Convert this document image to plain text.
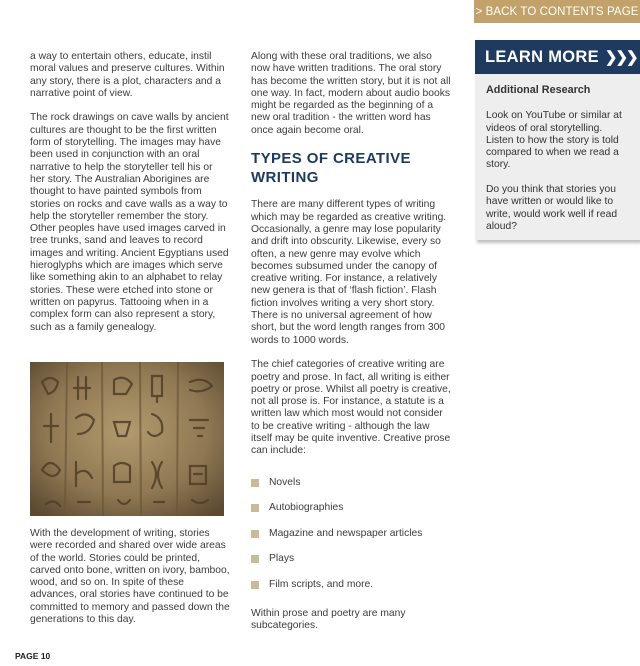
> BACK TO CONTENTS PAGE

a way to entertain others, educate, instil moral values and preserve cultures. Within any story, there is a plot, characters and a narrative point of view.

The rock drawings on cave walls by ancient cultures are thought to be the first written form of storytelling. The images may have been used in conjunction with an oral narrative to help the storyteller tell his or her story. The Australian Aborigines are thought to have painted symbols from stories on rocks and cave walls as a way to help the storyteller remember the story. Other peoples have used images carved in tree trunks, sand and leaves to record images and writing. Ancient Egyptians used hieroglyphs which are images which serve like something akin to an alphabet to relay stories. These were etched into stone or written on papyrus. Tattooing when in a complex form can also represent a story, such as a family genealogy.

With the development of writing, stories were recorded and shared over wide areas of the world. Stories could be printed, carved onto bone, written on ivory, bamboo, wood, and so on. In spite of these advances, oral stories have continued to be committed to memory and passed down the generations to this day.

Along with these oral traditions, we also now have written traditions. The oral story has become the written story, but it is not all one way. In fact, modern about audio books might be regarded as the beginning of a new oral tradition - the written word has once again become oral.

TYPES OF CREATIVE WRITING

There are many different types of writing which may be regarded as creative writing. Occasionally, a genre may lose popularity and drift into obscurity. Likewise, every so often, a new genre may evolve which becomes subsumed under the canopy of creative writing. For instance, a relatively new genera is that of ‘flash fiction’. Flash fiction involves writing a very short story. There is no universal agreement of how short, but the word length ranges from 300 words to 1000 words.

The chief categories of creative writing are poetry and prose. In fact, all writing is either poetry or prose. Whilst all poetry is creative, not all prose is. For instance, a statute is a written law which most would not consider to be creative writing - although the law itself may be quite inventive. Creative prose can include:

Novels
Autobiographies
Magazine and newspaper articles
Plays
Film scripts, and more.

Within prose and poetry are many subcategories.

LEARN MORE ❯❯❯
Additional Research

Look on YouTube or similar at videos of oral storytelling. Listen to how the story is told compared to when we read a story.

Do you think that stories you have written or would like to write, would work well if read aloud?

PAGE 10
